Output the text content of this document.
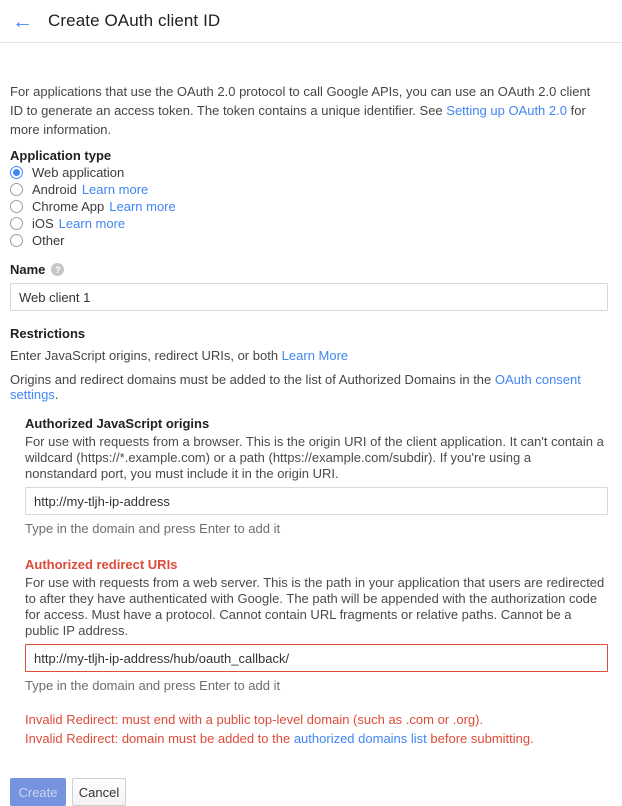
← Create OAuth client ID

For applications that use the OAuth 2.0 protocol to call Google APIs, you can use an OAuth 2.0 client ID to generate an access token. The token contains a unique identifier. See Setting up OAuth 2.0 for more information.

Application type
Web application
Android Learn more
Chrome App Learn more
iOS Learn more
Other
Name	?
Web client 1
Restrictions

Enter JavaScript origins, redirect URIs, or both Learn More

Origins and redirect domains must be added to the list of Authorized Domains in the OAuth consent settings.

Authorized JavaScript origins

For use with requests from a browser. This is the origin URI of the client application. It can't contain a wildcard (https://*.example.com) or a path (https://example.com/subdir). If you're using a nonstandard port, you must include it in the origin URI.

http://my-tljh-ip-address
Type in the domain and press Enter to add it
Authorized redirect URIs

For use with requests from a web server. This is the path in your application that users are redirected to after they have authenticated with Google. The path will be appended with the authorization code for access. Must have a protocol. Cannot contain URL fragments or relative paths. Cannot be a public IP address.

http://my-tljh-ip-address/hub/oauth_callback/
Type in the domain and press Enter to add it
Invalid Redirect: must end with a public top-level domain (such as .com or .org).
Invalid Redirect: domain must be added to the authorized domains list before submitting.
Create	Cancel
